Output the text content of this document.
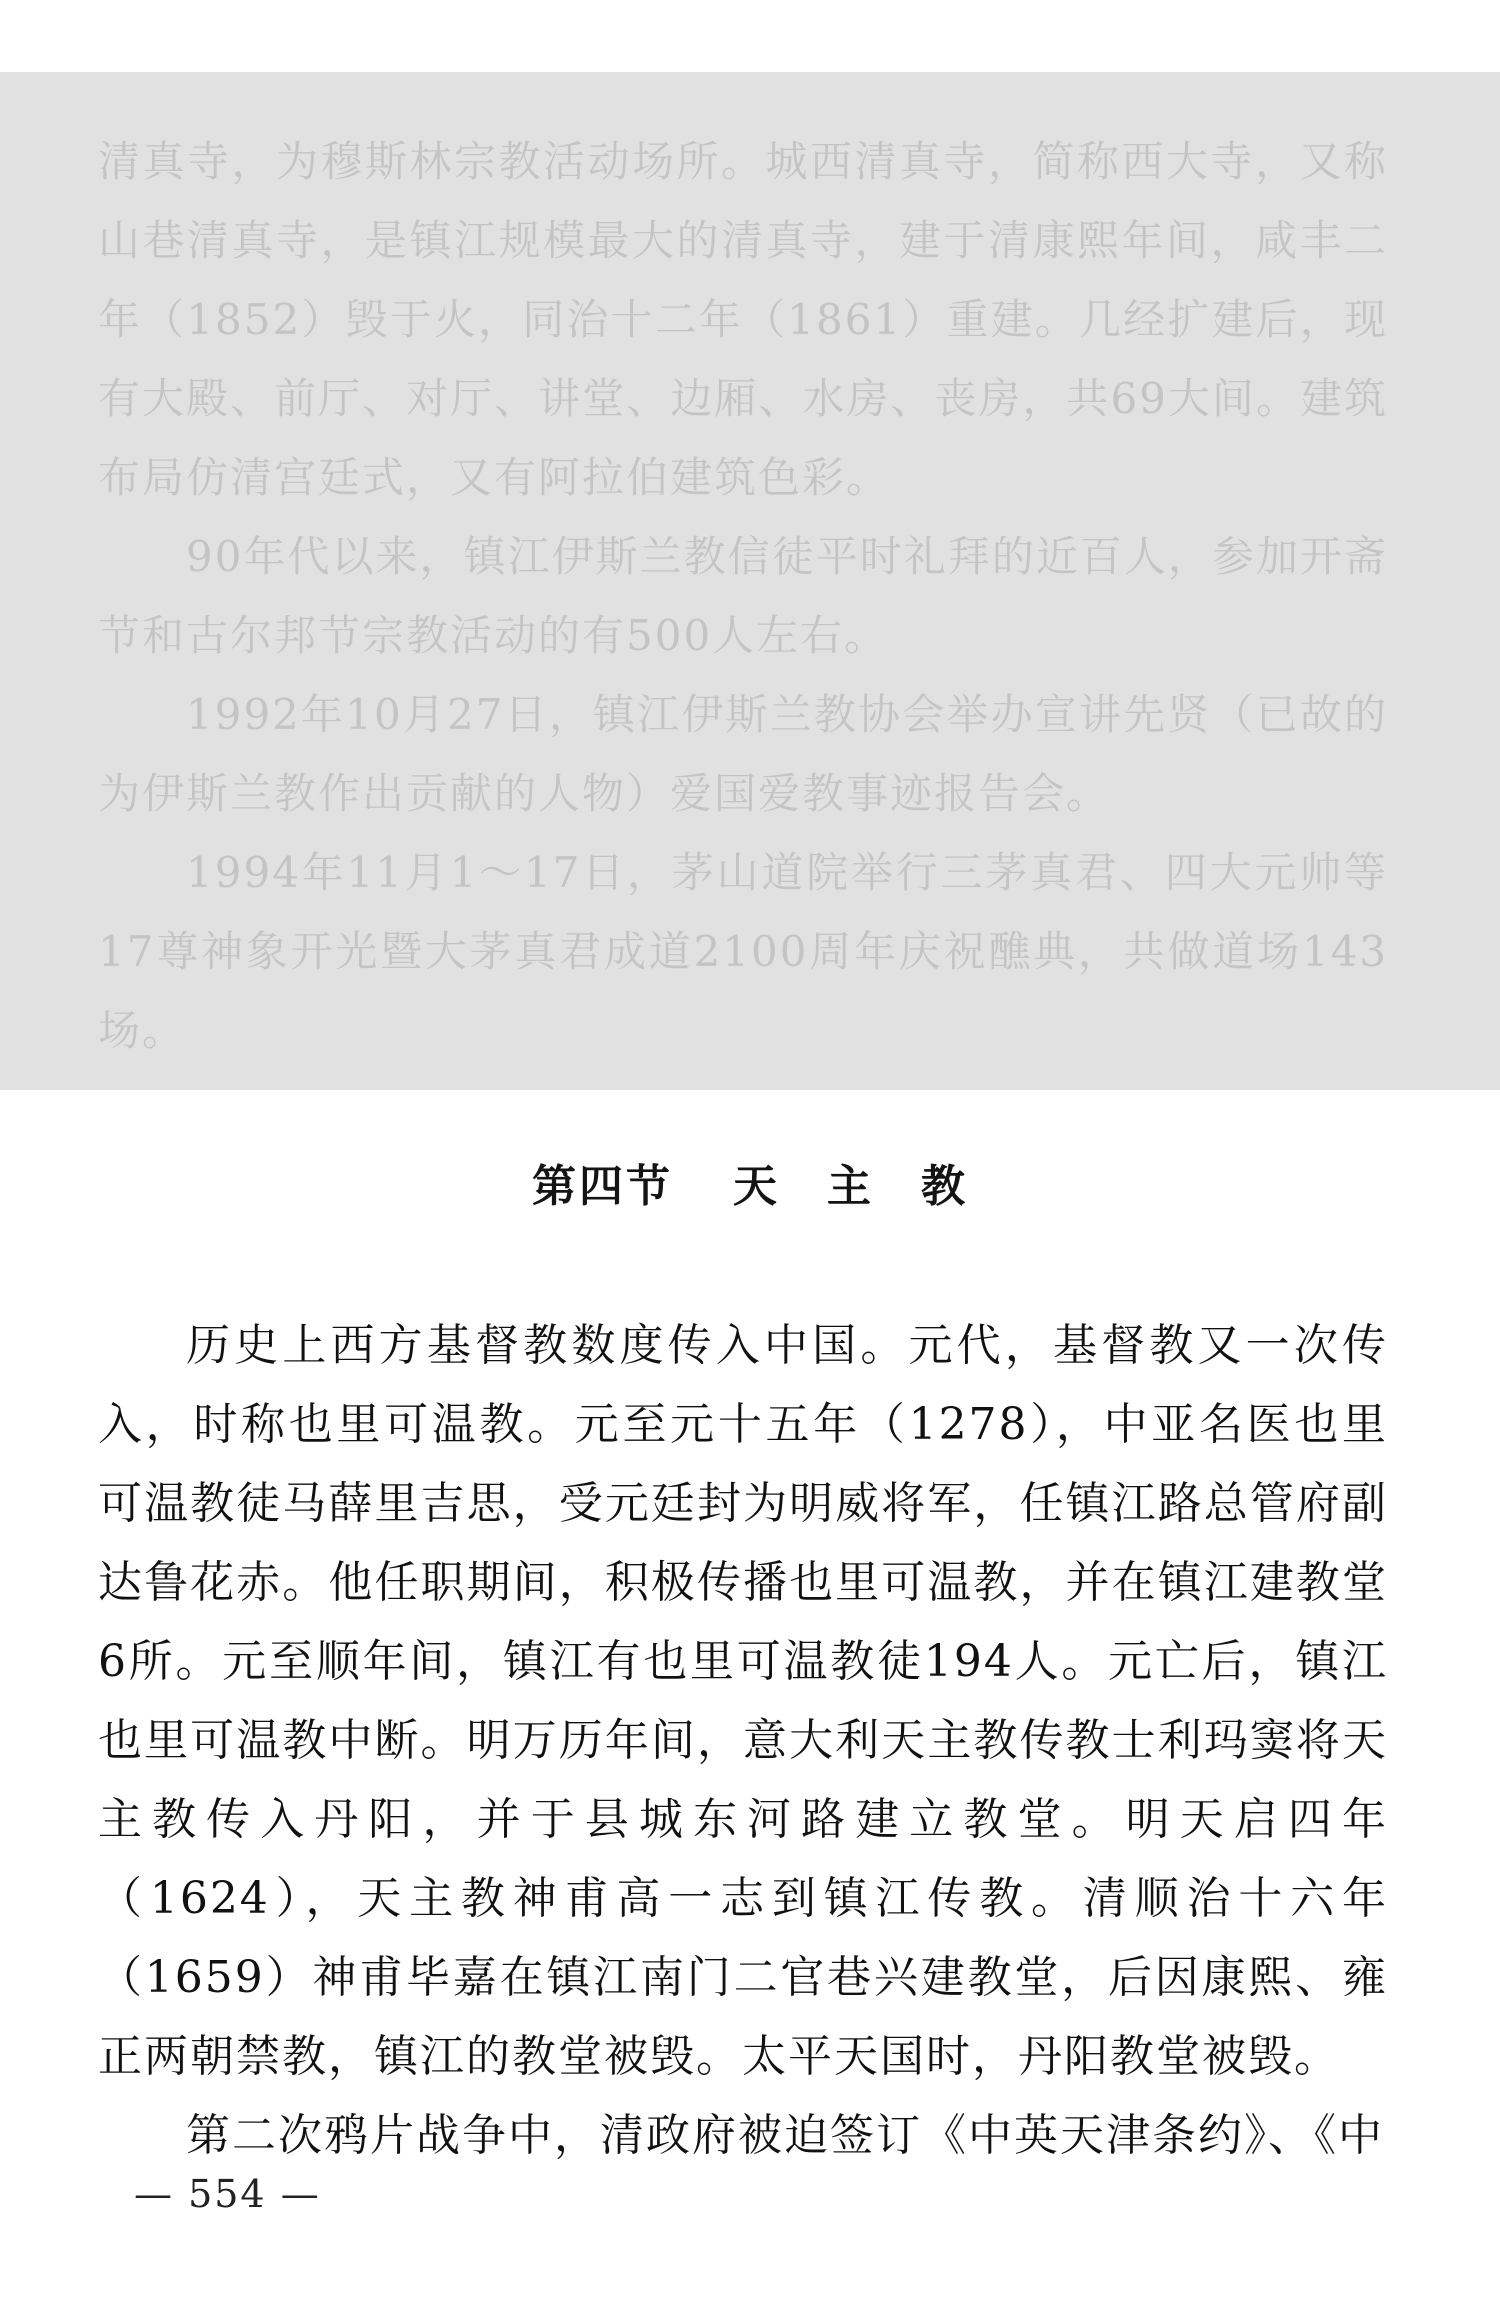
清真寺，为穆斯林宗教活动场所。城西清真寺，简称西大寺，又称山巷清真寺，是镇江规模最大的清真寺，建于清康熙年间，咸丰二年（1852）毁于火，同治十二年（1861）重建。几经扩建后，现有大殿、前厅、对厅、讲堂、边厢、水房、丧房，共69大间。建筑布局仿清宫廷式，又有阿拉伯建筑色彩。

90年代以来，镇江伊斯兰教信徒平时礼拜的近百人，参加开斋节和古尔邦节宗教活动的有500人左右。

1992年10月27日，镇江伊斯兰教协会举办宣讲先贤（已故的为伊斯兰教作出贡献的人物）爱国爱教事迹报告会。

1994年11月1～17日，茅山道院举行三茅真君、四大元帅等17尊神象开光暨大茅真君成道2100周年庆祝醮典，共做道场143场。

第四节 天　主　教

历史上西方基督教数度传入中国。元代，基督教又一次传入，时称也里可温教。元至元十五年（1278），中亚名医也里可温教徒马薛里吉思，受元廷封为明威将军，任镇江路总管府副达鲁花赤。他任职期间，积极传播也里可温教，并在镇江建教堂6所。元至顺年间，镇江有也里可温教徒194人。元亡后，镇江也里可温教中断。明万历年间，意大利天主教传教士利玛窦将天主教传入丹阳，并于县城东河路建立教堂。明天启四年（1624），天主教神甫高一志到镇江传教。清顺治十六年（1659）神甫毕嘉在镇江南门二官巷兴建教堂，后因康熙、雍正两朝禁教，镇江的教堂被毁。太平天国时，丹阳教堂被毁。

第二次鸦片战争中，清政府被迫签订《中英天津条约》、《中

— 554 —
